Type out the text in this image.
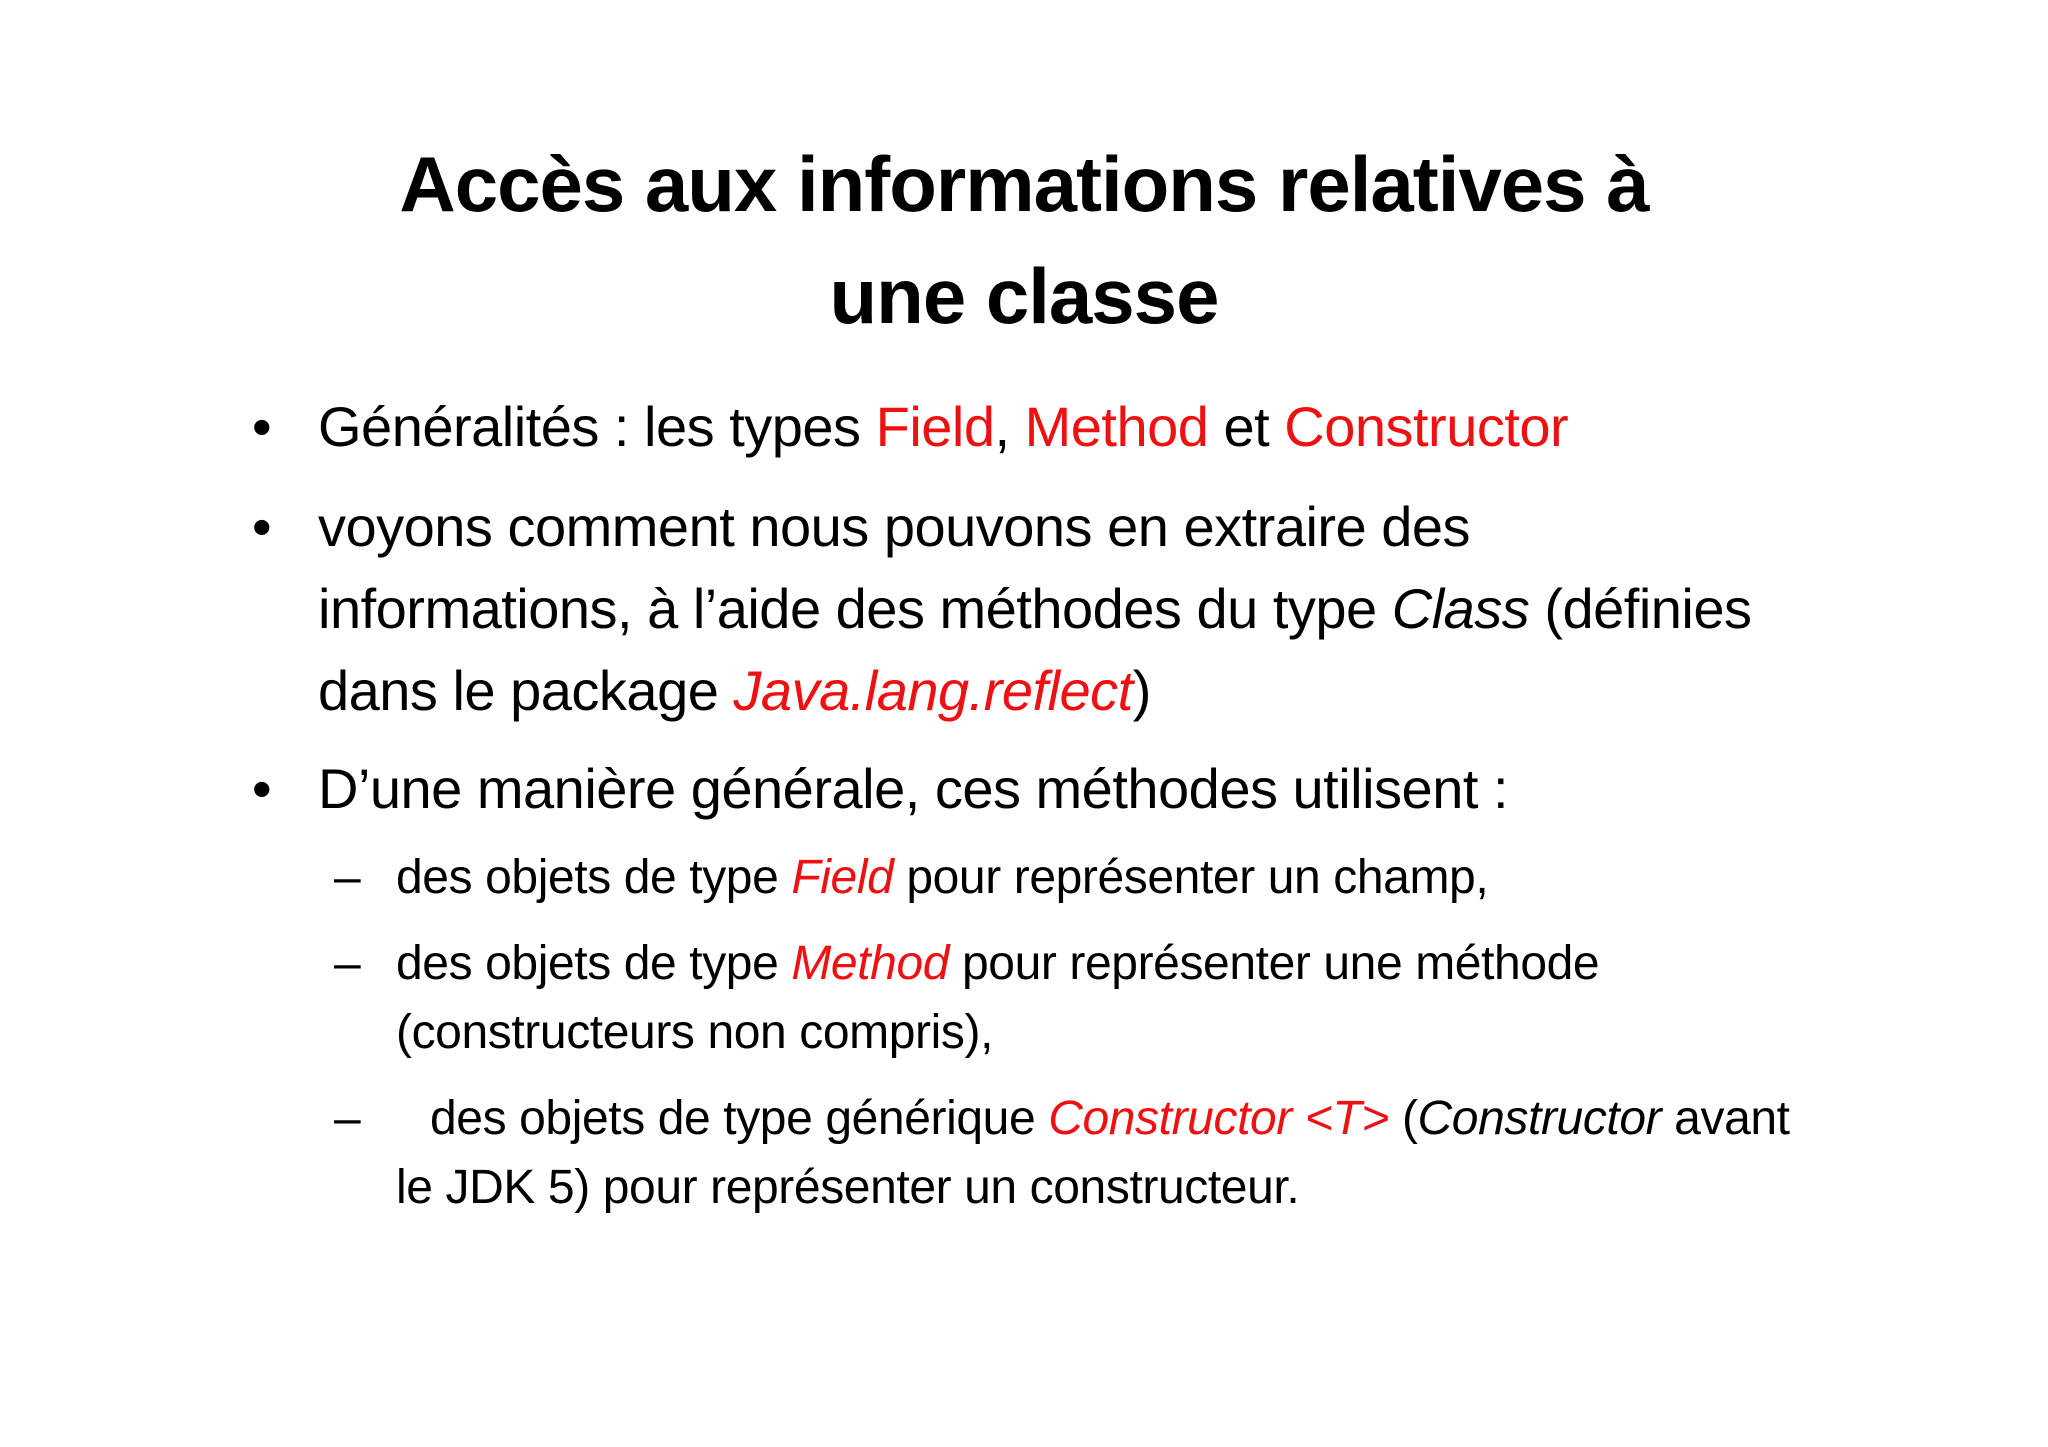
Accès aux informations relatives à
une classe
• Généralités : les types Field, Method et Constructor
• voyons comment nous pouvons en extraire des informations, à l’aide des méthodes du type Class (définies dans le package Java.lang.reflect)
• D’une manière générale, ces méthodes utilisent :
– des objets de type Field pour représenter un champ,
– des objets de type Method pour représenter une méthode (constructeurs non compris),
– des objets de type générique Constructor <T> (Constructor avant le JDK 5) pour représenter un constructeur.
